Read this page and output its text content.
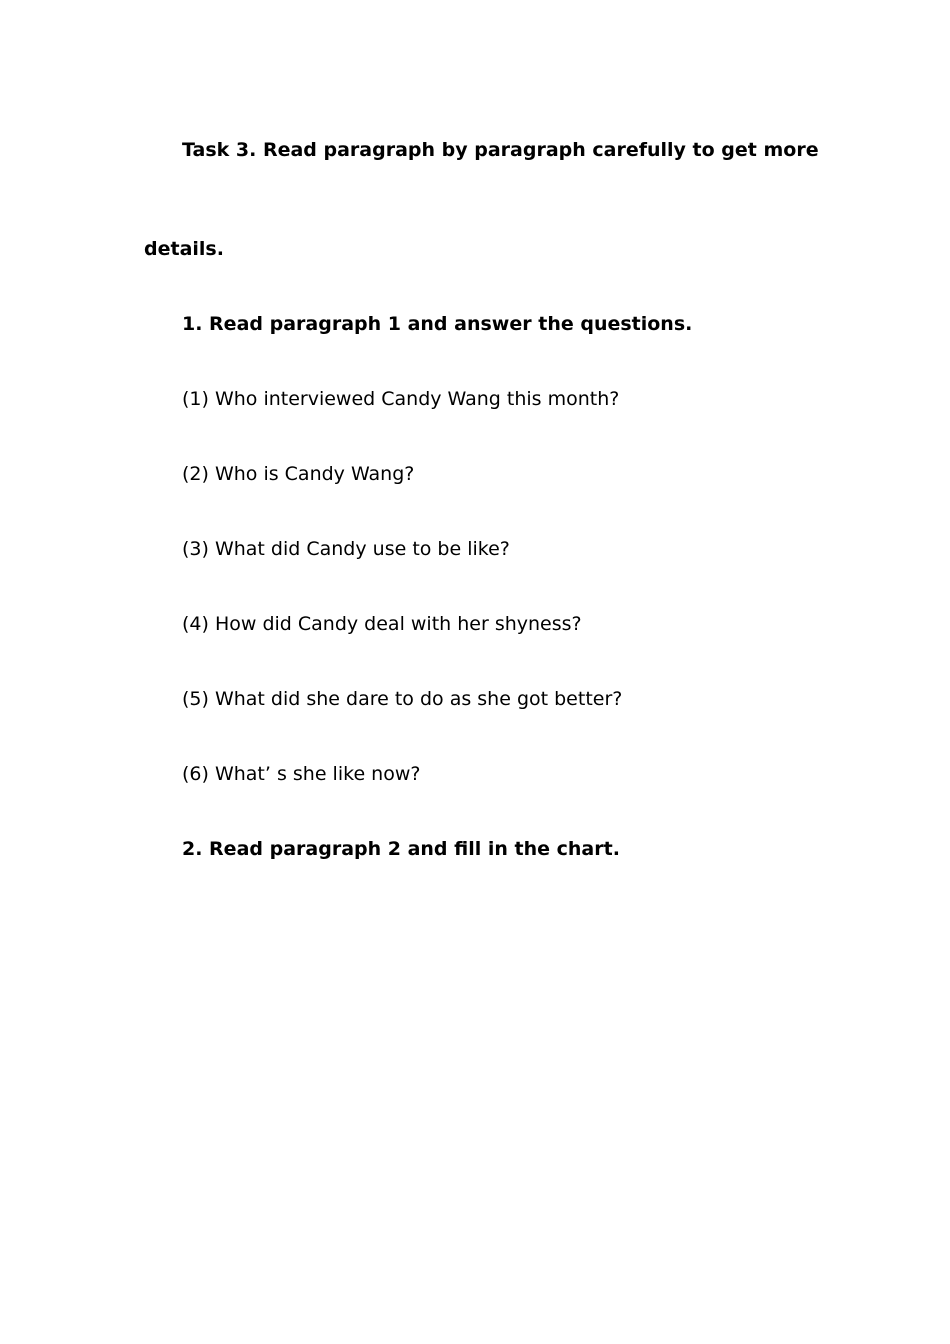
Task 3. Read paragraph by paragraph carefully to get more
details.
1. Read paragraph 1 and answer the questions.
(1) Who interviewed Candy Wang this month?
(2) Who is Candy Wang?
(3) What did Candy use to be like?
(4) How did Candy deal with her shyness?
(5) What did she dare to do as she got better?
(6) What’ s she like now?
2. Read paragraph 2 and fill in the chart.
